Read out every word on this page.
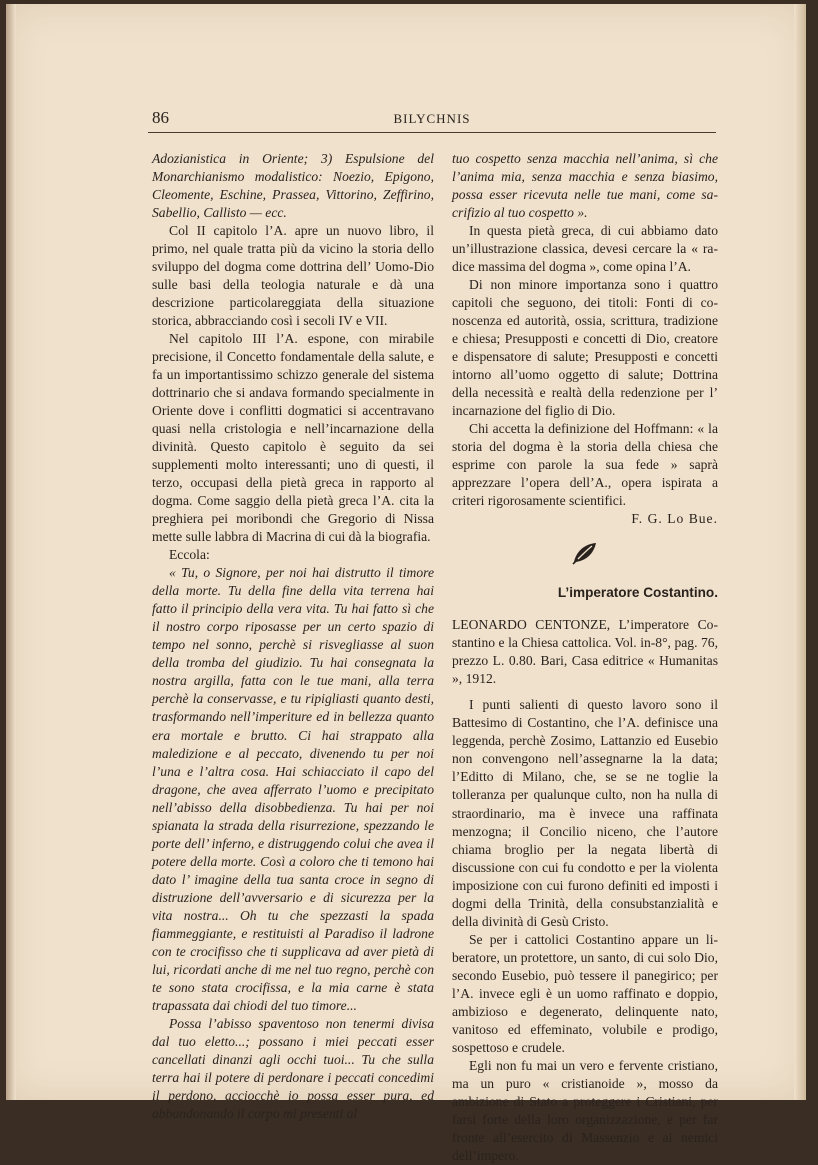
86	BILYCHNIS

Adozianistica in Oriente; 3) Espulsione del Monarchianismo modalistico: Noezio, Epigono, Cleomente, Eschine, Prassea, Vittorino, Zeffirino, Sabellio, Callisto — ecc.

Col II capitolo l’A. apre un nuovo libro, il primo, nel quale tratta più da vicino la storia dello sviluppo del dogma come dottrina dell’ Uomo-Dio sulle basi della teologia naturale e dà una descrizione particolareggiata della situazione storica, abbracciando così i secoli IV e VII.

Nel capitolo III l’A. espone, con mirabile precisione, il Concetto fondamentale della salute, e fa un importantissimo schizzo generale del sistema dottrinario che si andava formando specialmente in Oriente dove i conflitti dogmatici si accentravano quasi nella cristologia e nell’incarnazione della divinità. Questo capitolo è seguito da sei supplementi molto interessanti; uno di questi, il terzo, occupasi della pietà greca in rapporto al dogma. Come saggio della pietà greca l’A. cita la preghiera pei moribondi che Gregorio di Nissa mette sulle labbra di Macrina di cui dà la biografia.

Eccola:

« Tu, o Signore, per noi hai distrutto il timore della morte. Tu della fine della vita terrena hai fatto il principio della vera vita. Tu hai fatto sì che il nostro corpo riposasse per un certo spazio di tempo nel sonno, perchè si risvegliasse al suon della tromba del giudizio. Tu hai consegnata la nostra argilla, fatta con le tue mani, alla terra perchè la conservasse, e tu ripigliasti quanto desti, trasformando nell’imperiture ed in bellezza quanto era mortale e brutto. Ci hai strappato alla maledizione e al peccato, divenendo tu per noi l’una e l’altra cosa. Hai schiacciato il capo del dragone, che avea afferrato l’uomo e precipitato nell’abisso della disobbedienza. Tu hai per noi spianata la strada della risurrezione, spezzando le porte dell’ inferno, e distruggendo colui che avea il potere della morte. Così a coloro che ti temono hai dato l’ imagine della tua santa croce in segno di distruzione dell’avversario e di sicurezza per la vita nostra... Oh tu che spezzasti la spada fiammeggiante, e restituisti al Paradiso il ladrone con te crocifisso che ti supplicava ad aver pietà di lui, ricordati anche di me nel tuo regno, perchè con te sono stata crocifissa, e la mia carne è stata trapassata dai chiodi del tuo timore...

Possa l’abisso spaventoso non tenermi divisa dal tuo eletto...; possano i miei peccati esser cancellati dinanzi agli occhi tuoi... Tu che sulla terra hai il potere di perdonare i peccati concedimi il perdono, acciocchè io possa esser pura, ed abbandonando il corpo mi presenti al

tuo cospetto senza macchia nell’anima, sì che l’anima mia, senza macchia e senza biasimo, possa esser ricevuta nelle tue mani, come sacrifizio al tuo cospetto ».

In questa pietà greca, di cui abbiamo dato un’illustrazione classica, devesi cercare la « radice massima del dogma », come opina l’A.

Di non minore importanza sono i quattro capitoli che seguono, dei titoli: Fonti di conoscenza ed autorità, ossia, scrittura, tradizione e chiesa; Presupposti e concetti di Dio, creatore e dispensatore di salute; Presupposti e concetti intorno all’uomo oggetto di salute; Dottrina della necessità e realtà della redenzione per l’ incarnazione del figlio di Dio.

Chi accetta la definizione del Hoffmann: « la storia del dogma è la storia della chiesa che esprime con parole la sua fede » saprà apprezzare l’opera dell’A., opera ispirata a criteri rigorosamente scientifici.

F. G. Lo Bue.

L’imperatore Costantino.

LEONARDO CENTONZE, L’imperatore Costantino e la Chiesa cattolica. Vol. in-8°, pag. 76, prezzo L. 0.80. Bari, Casa editrice « Humanitas », 1912.

I punti salienti di questo lavoro sono il Battesimo di Costantino, che l’A. definisce una leggenda, perchè Zosimo, Lattanzio ed Eusebio non convengono nell’assegnarne la la data; l’Editto di Milano, che, se se ne toglie la tolleranza per qualunque culto, non ha nulla di straordinario, ma è invece una raffinata menzogna; il Concilio niceno, che l’autore chiama broglio per la negata libertà di discussione con cui fu condotto e per la violenta imposizione con cui furono definiti ed imposti i dogmi della Trinità, della consubstanzialità e della divinità di Gesù Cristo.

Se per i cattolici Costantino appare un liberatore, un protettore, un santo, di cui solo Dio, secondo Eusebio, può tessere il panegirico; per l’A. invece egli è un uomo raffinato e doppio, ambizioso e degenerato, delinquente nato, vanitoso ed effeminato, volubile e prodigo, sospettoso e crudele.

Egli non fu mai un vero e fervente cristiano, ma un puro « cristianoide », mosso da ambizione di Stato a proteggere i Cristiani, per farsi forte della loro organizzazione, e per far fronte all’esercito di Massenzio e ai nemici dell’impero.
